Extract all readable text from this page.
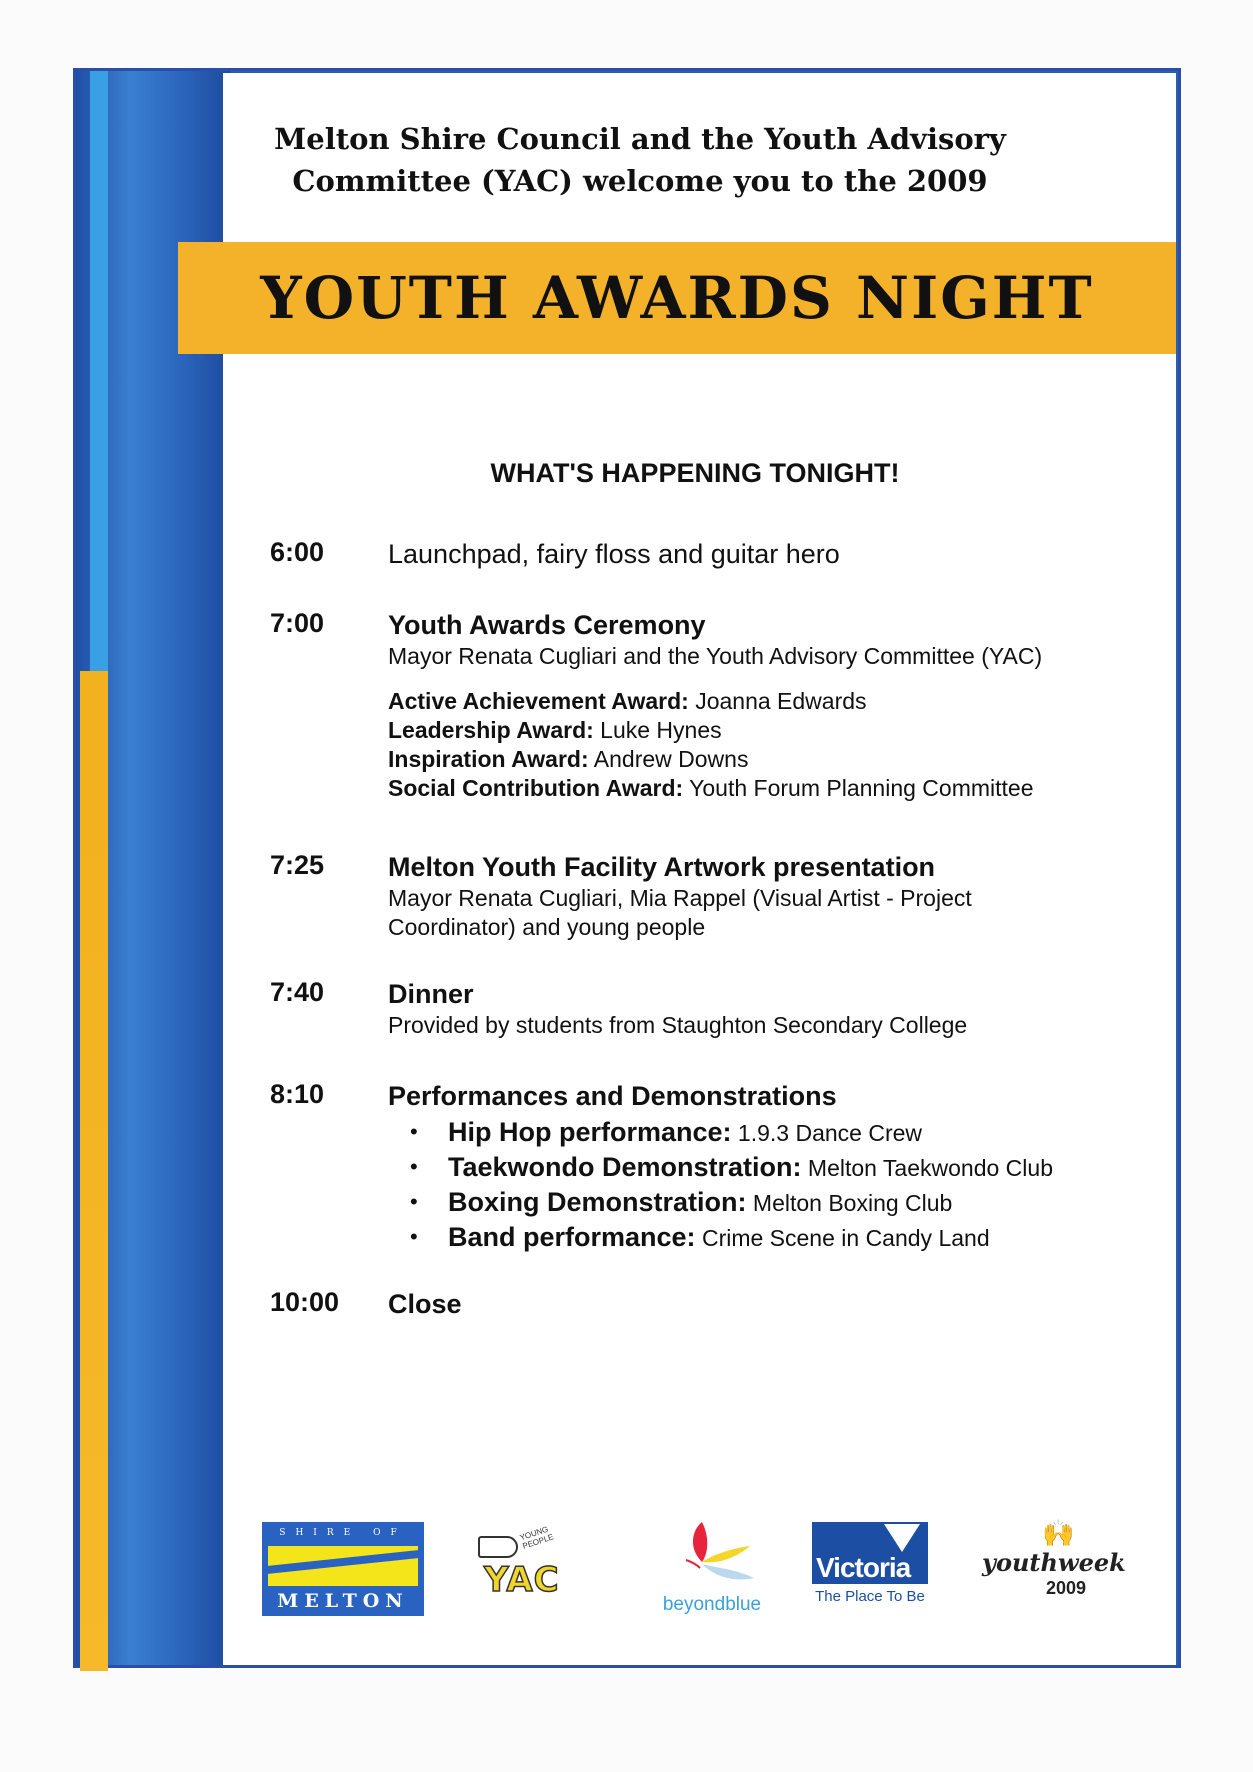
Melton Shire Council and the Youth Advisory
Committee (YAC) welcome you to the 2009
YOUTH AWARDS NIGHT
WHAT'S HAPPENING TONIGHT!
6:00	Launchpad, fairy floss and guitar hero
7:00	Youth Awards Ceremony
Mayor Renata Cugliari and the Youth Advisory Committee (YAC)
Active Achievement Award: Joanna Edwards
Leadership Award: Luke Hynes
Inspiration Award: Andrew Downs
Social Contribution Award: Youth Forum Planning Committee
7:25	Melton Youth Facility Artwork presentation
Mayor Renata Cugliari, Mia Rappel (Visual Artist - Project
Coordinator) and young people
7:40	Dinner
Provided by students from Staughton Secondary College
8:10	Performances and Demonstrations
• Hip Hop performance: 1.9.3 Dance Crew
• Taekwondo Demonstration: Melton Taekwondo Club
• Boxing Demonstration: Melton Boxing Club
• Band performance: Crime Scene in Candy Land
10:00	Close
SHIRE OF
MELTON
YOUNG PEOPLE
YAC
beyondblue
Victoria
The Place To Be
🙌
youthweek
2009
